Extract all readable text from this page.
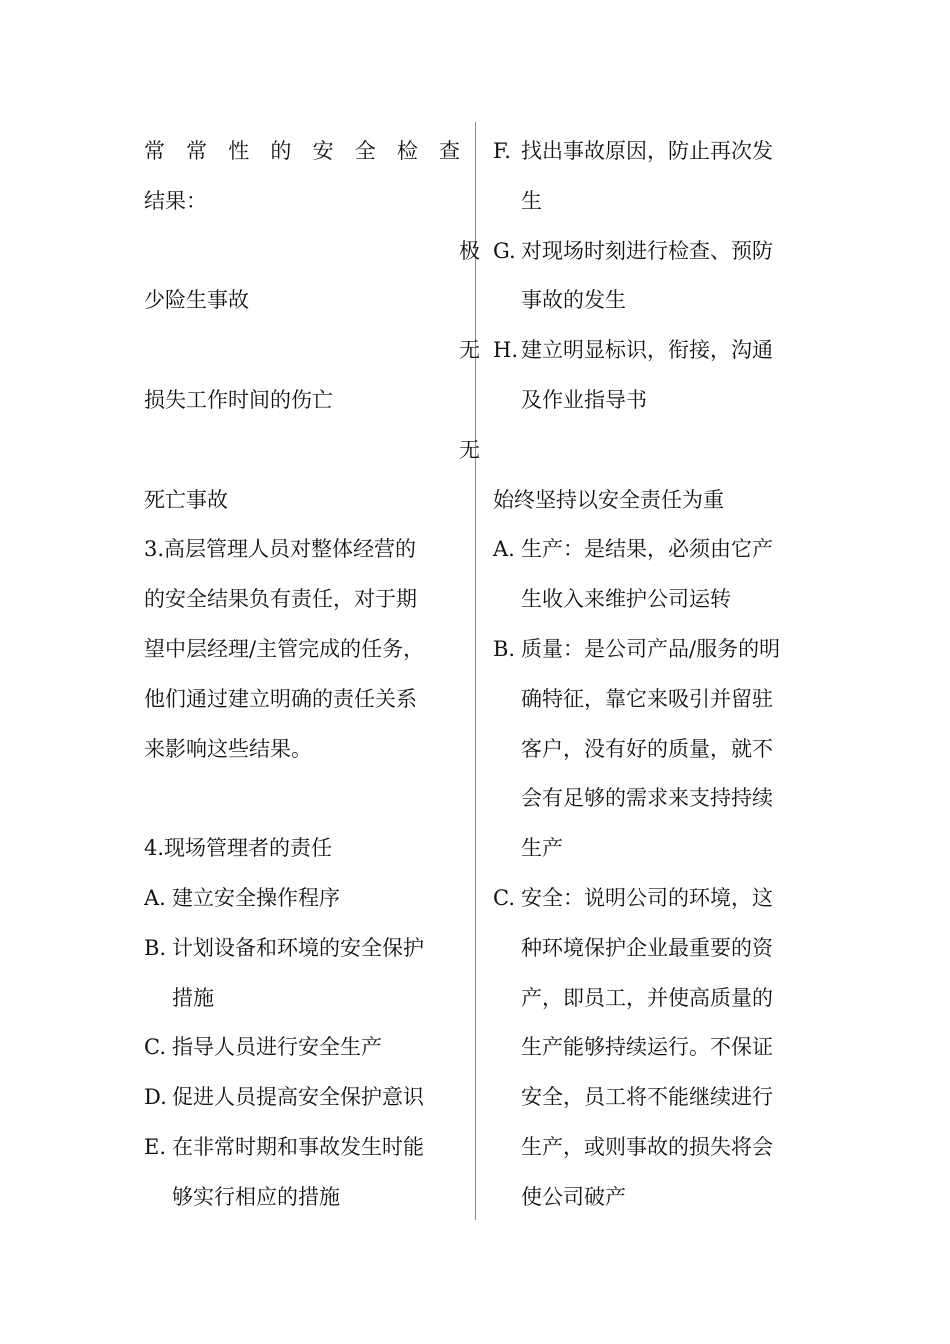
常 常 性 的 安 全 检 查
结果：
极
少险生事故
无
损失工作时间的伤亡
无
死亡事故
3.高层管理人员对整体经营的
的安全结果负有责任，对于期
望中层经理/主管完成的任务，
他们通过建立明确的责任关系
来影响这些结果。
4.现场管理者的责任
A. 建立安全操作程序
B. 计划设备和环境的安全保护
措施
C. 指导人员进行安全生产
D. 促进人员提高安全保护意识
E. 在非常时期和事故发生时能
够实行相应的措施
F. 找出事故原因，防止再次发
生
G. 对现场时刻进行检查、预防
事故的发生
H. 建立明显标识，衔接，沟通
及作业指导书
始终坚持以安全责任为重
A. 生产：是结果，必须由它产
生收入来维护公司运转
B. 质量：是公司产品/服务的明
确特征，靠它来吸引并留驻
客户，没有好的质量，就不
会有足够的需求来支持持续
生产
C. 安全：说明公司的环境，这
种环境保护企业最重要的资
产，即员工，并使高质量的
生产能够持续运行。不保证
安全，员工将不能继续进行
生产，或则事故的损失将会
使公司破产
